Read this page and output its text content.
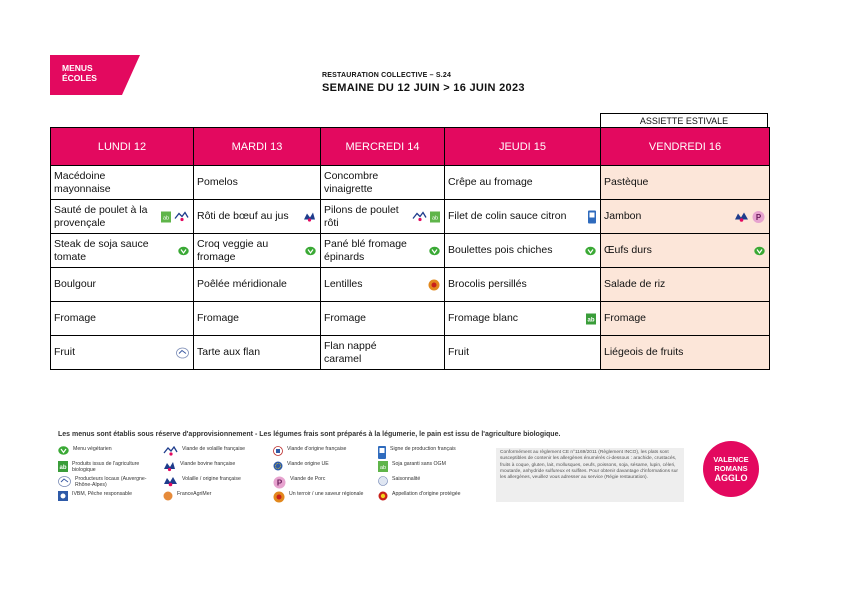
MENUS
ÉCOLES	RESTAURATION COLLECTIVE – S.24
SEMAINE DU 12 JUIN > 16 JUIN 2023
ASSIETTE ESTIVALE
LUNDI 12	MARDI 13	MERCREDI 14	JEUDI 15	VENDREDI 16

Macédoine mayonnaise	Pomelos	Concombre vinaigrette	Crêpe au fromage	Pastèque

Sauté de poulet à la provençale ab	Rôti de bœuf au jus	Pilons de poulet rôti ab	Filet de colin sauce citron	Jambon P

Steak de soja sauce tomate	Croq veggie au fromage	Pané blé fromage épinards	Boulettes pois chiches	Œufs durs

Boulgour	Poêlée méridionale	Lentilles	Brocolis persillés	Salade de riz

Fromage	Fromage	Fromage	Fromage blanc ab	Fromage

Fruit	Tarte aux flan	Flan nappé caramel	Fruit	Liégeois de fruits
Les menus sont établis sous réserve d'approvisionnement - Les légumes frais sont préparés à la légumerie, le pain est issu de l'agriculture biologique.
Menu végétarien
ab
Produits issus de l'agriculture biologique
Producteurs locaux (Auvergne-Rhône-Alpes)
IVBM, Pêche responsable
Viande de volaille française
Viande bovine française
Volaille / origine française
FranceAgriMer
Viande d'origine française
Viande origine UE
P Viande de Porc
Un terroir / une saveur régionale
Signe de production français
ab
Soja garanti sans OGM
Saisonnalité
Appellation d'origine protégée
Conformément au règlement CE n°1169/2011 (Règlement INCO), les plats sont susceptibles de contenir les allergènes énumérés ci-dessous : arachide, crustacés, fruits à coque, gluten, lait, mollusques, oeufs, poissons, soja, sésame, lupin, céleri, moutarde, anhydride sulfureux et sulfites. Pour obtenir davantage d'informations sur les allergènes, veuillez vous adresser au service (Régie restauration).
VALENCE
ROMANS
AGGLO
